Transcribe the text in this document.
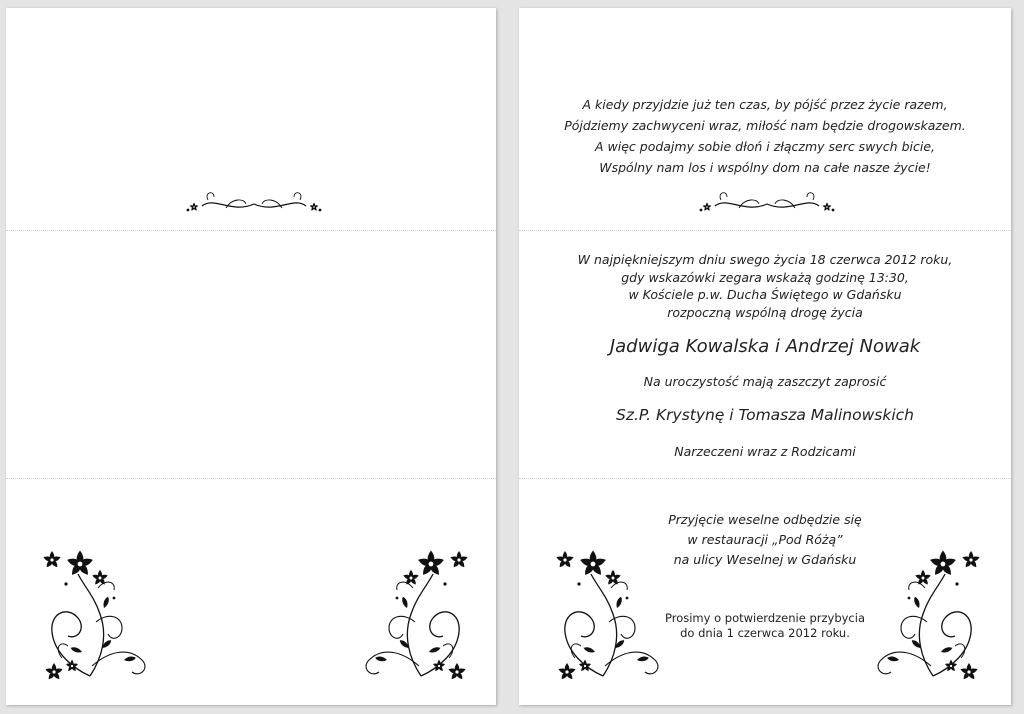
A kiedy przyjdzie już ten czas, by pójść przez życie razem,
Pójdziemy zachwyceni wraz, miłość nam będzie drogowskazem.
A więc podajmy sobie dłoń i złączmy serc swych bicie,
Wspólny nam los i wspólny dom na całe nasze życie!
W najpiękniejszym dniu swego życia 18 czerwca 2012 roku,
gdy wskazówki zegara wskażą godzinę 13:30,
w Kościele p.w. Ducha Świętego w Gdańsku
rozpoczną wspólną drogę życia
Jadwiga Kowalska i Andrzej Nowak
Na uroczystość mają zaszczyt zaprosić
Sz.P. Krystynę i Tomasza Malinowskich
Narzeczeni wraz z Rodzicami
Przyjęcie weselne odbędzie się
w restauracji „Pod Różą”
na ulicy Weselnej w Gdańsku
Prosimy o potwierdzenie przybycia
do dnia 1 czerwca 2012 roku.
